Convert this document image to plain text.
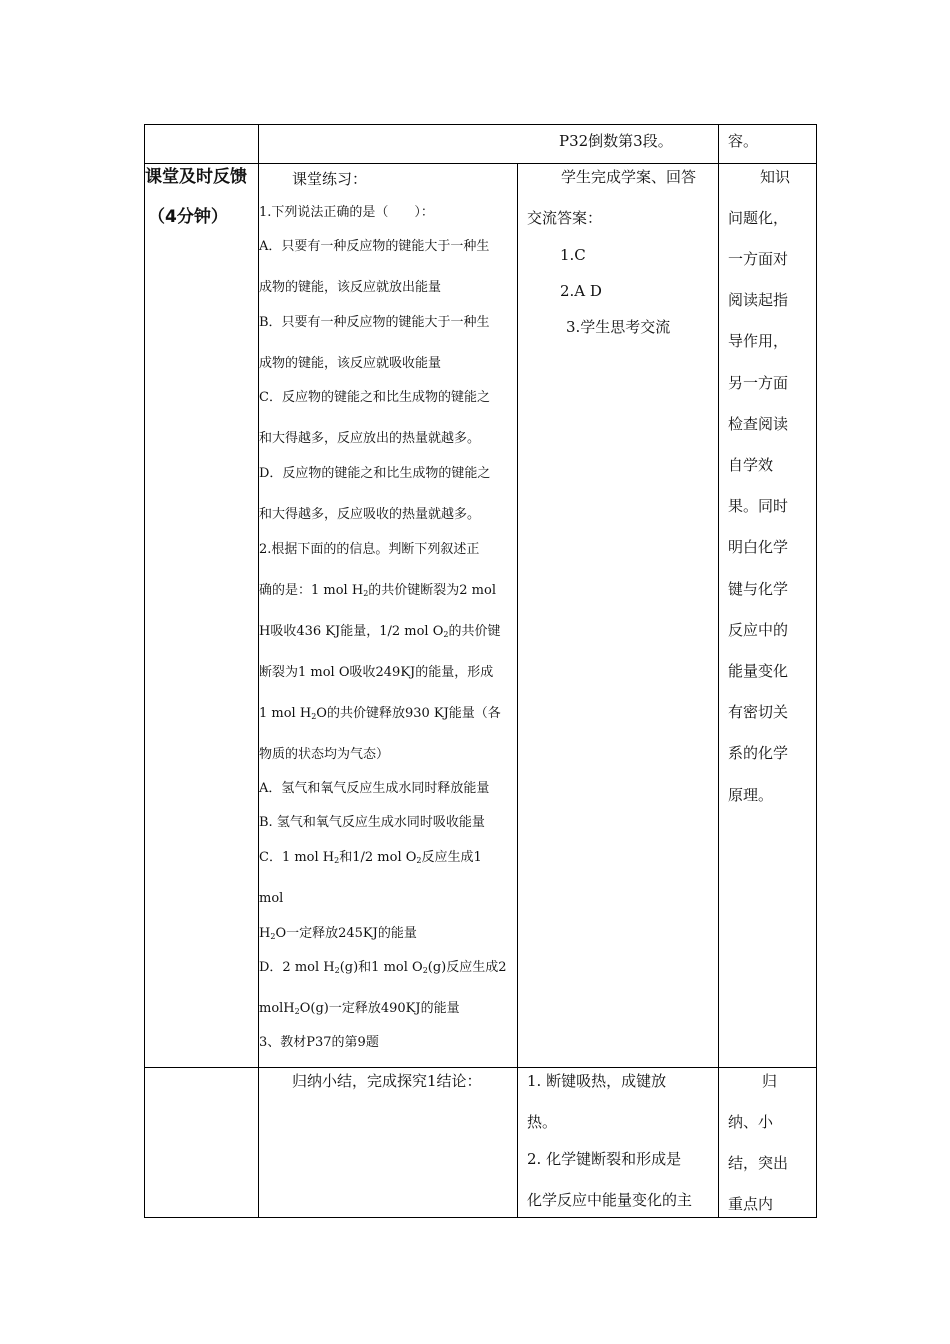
P32倒数第3段。	容。
课堂及时反馈
（4分钟）
课堂练习：
1.下列说法正确的是（　　）：
A．只要有一种反应物的键能大于一种生
成物的键能，该反应就放出能量
B．只要有一种反应物的键能大于一种生
成物的键能，该反应就吸收能量
C．反应物的键能之和比生成物的键能之
和大得越多，反应放出的热量就越多。
D．反应物的键能之和比生成物的键能之
和大得越多，反应吸收的热量就越多。
2.根据下面的的信息。判断下列叙述正
确的是：1 mol $H_2$的共价键断裂为2 mol
H吸收436 KJ能量，1/2 mol $O_2$的共价键
断裂为1 mol O吸收249KJ的能量，形成
1 mol $H_2O$的共价键释放930 KJ能量（各
物质的状态均为气态）
A．氢气和氧气反应生成水同时释放能量
B. 氢气和氧气反应生成水同时吸收能量
C．1 mol $H_2$和1/2 mol $O_2$反应生成1
mol
$H_2O$一定释放245KJ的能量
D．2 mol $H_2(g)$和1 mol $O_2(g)$反应生成2
molH$_2$O(g)一定释放490KJ的能量
3、教材P37的第9题
学生完成学案、回答
交流答案：
1.C
2.A D
3.学生思考交流
知识
问题化，
一方面对
阅读起指
导作用，
另一方面
检查阅读
自学效
果。同时
明白化学
键与化学
反应中的
能量变化
有密切关
系的化学
原理。
归纳小结，完成探究1结论：	1. 断键吸热，成键放
热。
2. 化学键断裂和形成是
化学反应中能量变化的主
归
纳、小
结，突出
重点内
